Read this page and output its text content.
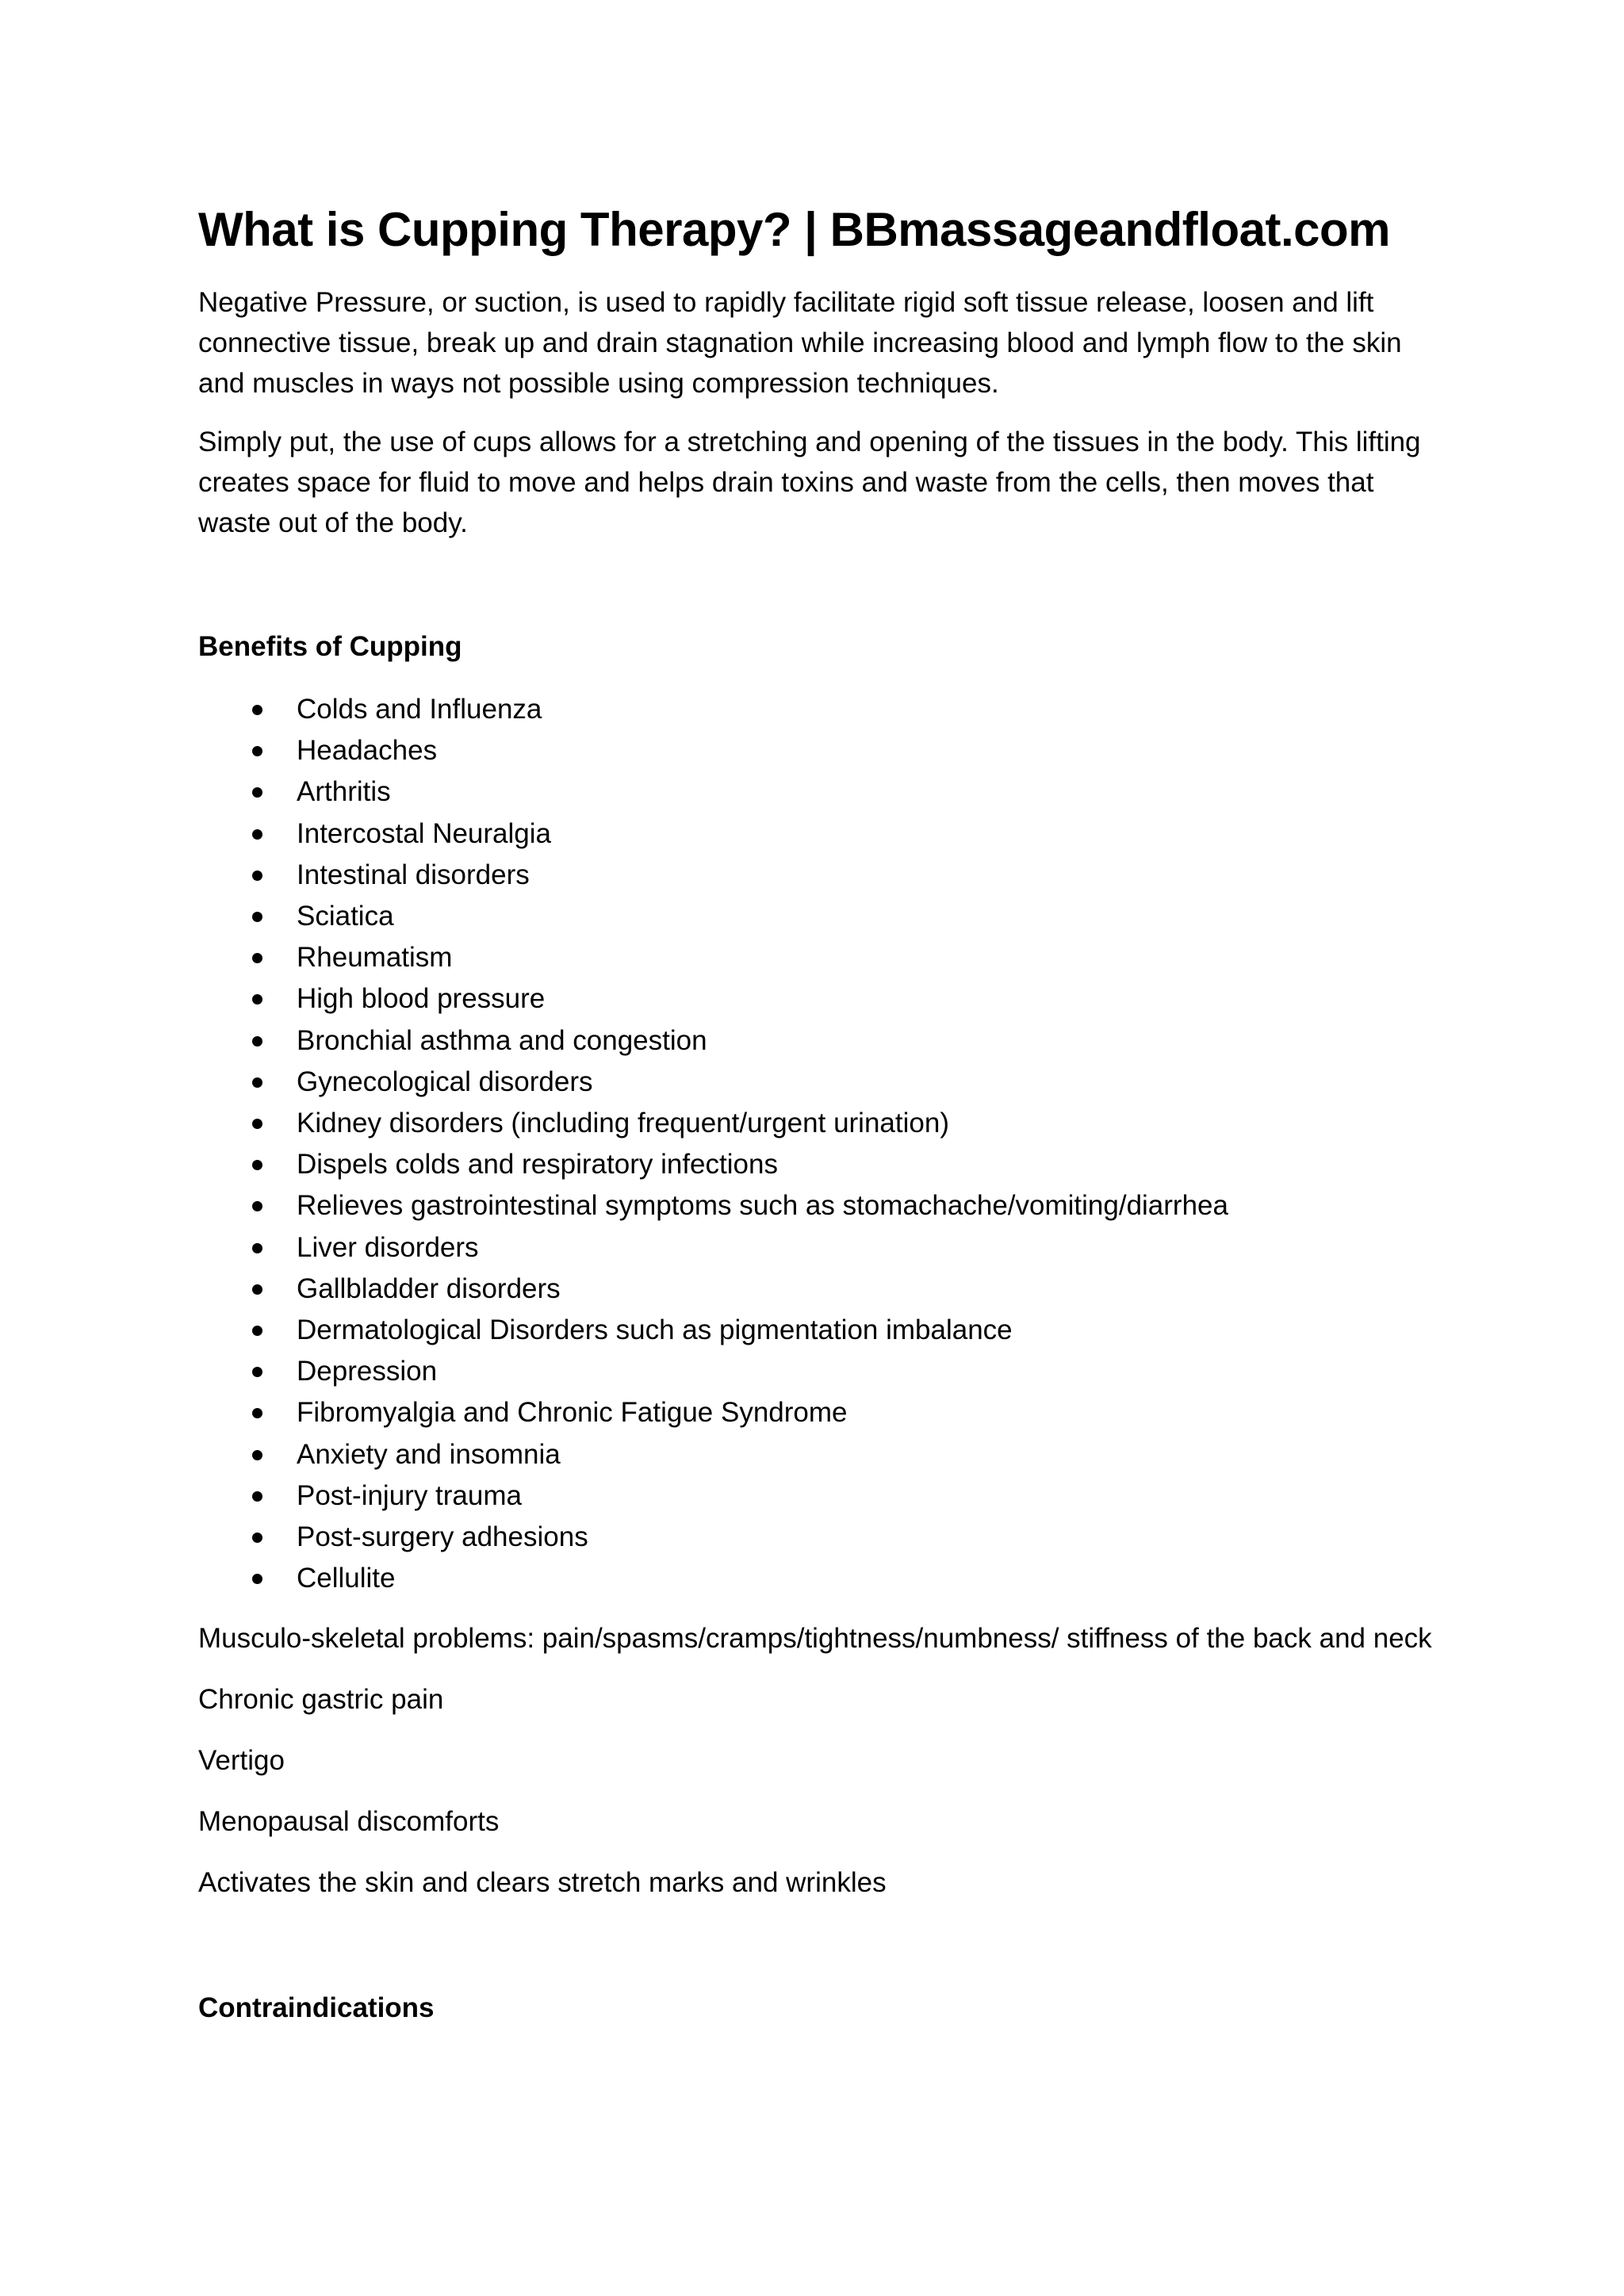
What is Cupping Therapy? | BBmassageandfloat.com

Negative Pressure, or suction, is used to rapidly facilitate rigid soft tissue release, loosen and lift connective tissue, break up and drain stagnation while increasing blood and lymph flow to the skin and muscles in ways not possible using compression techniques.

Simply put, the use of cups allows for a stretching and opening of the tissues in the body. This lifting creates space for fluid to move and helps drain toxins and waste from the cells, then moves that waste out of the body.

Benefits of Cupping
Colds and Influenza
Headaches
Arthritis
Intercostal Neuralgia
Intestinal disorders
Sciatica
Rheumatism
High blood pressure
Bronchial asthma and congestion
Gynecological disorders
Kidney disorders (including frequent/urgent urination)
Dispels colds and respiratory infections
Relieves gastrointestinal symptoms such as stomachache/vomiting/diarrhea
Liver disorders
Gallbladder disorders
Dermatological Disorders such as pigmentation imbalance
Depression
Fibromyalgia and Chronic Fatigue Syndrome
Anxiety and insomnia
Post-injury trauma
Post-surgery adhesions
Cellulite

Musculo-skeletal problems: pain/spasms/cramps/tightness/numbness/ stiffness of the back and neck

Chronic gastric pain

Vertigo

Menopausal discomforts

Activates the skin and clears stretch marks and wrinkles

Contraindications
